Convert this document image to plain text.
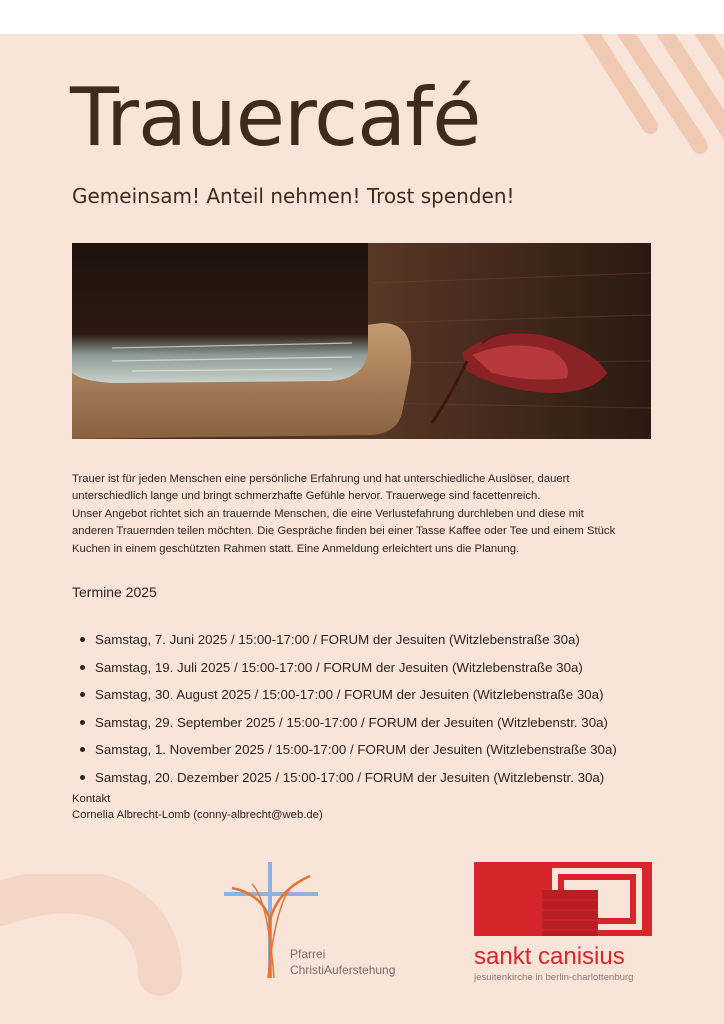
Trauercafé
Gemeinsam! Anteil nehmen! Trost spenden!

Trauer ist für jeden Menschen eine persönliche Erfahrung und hat unterschiedliche Auslöser, dauert
unterschiedlich lange und bringt schmerzhafte Gefühle hervor. Trauerwege sind facettenreich.
Unser Angebot richtet sich an trauernde Menschen, die eine Verlustefahrung durchleben und diese mit
anderen Trauernden teilen möchten. Die Gespräche finden bei einer Tasse Kaffee oder Tee und einem Stück
Kuchen in einem geschützten Rahmen statt. Eine Anmeldung erleichtert uns die Planung.

Termine 2025
Samstag, 7. Juni 2025 / 15:00-17:00 / FORUM der Jesuiten (Witzlebenstraße 30a)
Samstag, 19. Juli 2025 / 15:00-17:00 / FORUM der Jesuiten (Witzlebenstraße 30a)
Samstag, 30. August 2025 / 15:00-17:00 / FORUM der Jesuiten (Witzlebenstraße 30a)
Samstag, 29. September 2025 / 15:00-17:00 / FORUM der Jesuiten (Witzlebenstr. 30a)
Samstag, 1. November 2025 / 15:00-17:00 / FORUM der Jesuiten (Witzlebenstraße 30a)
Samstag, 20. Dezember 2025 / 15:00-17:00 / FORUM der Jesuiten (Witzlebenstr. 30a)
Kontakt
Cornelia Albrecht-Lomb (conny-albrecht@web.de)
Pfarrei
ChristiAuferstehung	sankt canisius
jesuitenkirche in berlin-charlottenburg
